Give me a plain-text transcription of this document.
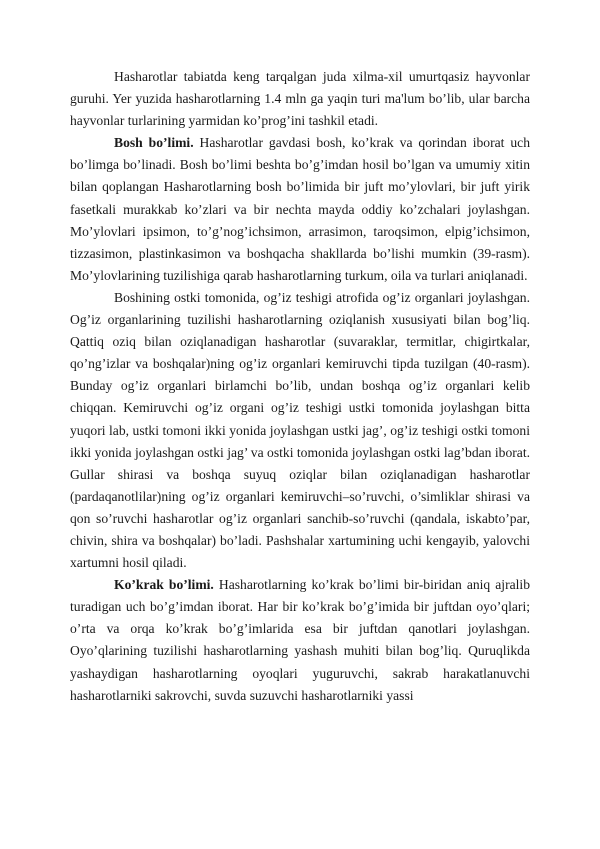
Hasharotlar tabiatda keng tarqalgan juda xilma-xil umurtqasiz hayvonlar guruhi. Yer yuzida hasharotlarning 1.4 mln ga yaqin turi ma'lum bo’lib, ular barcha hayvonlar turlarining yarmidan ko’prog’ini tashkil etadi.

Bosh bo’limi. Hasharotlar gavdasi bosh, ko’krak va qorindan iborat uch bo’limga bo’linadi. Bosh bo’limi beshta bo’g’imdan hosil bo’lgan va umumiy xitin bilan qoplangan Hasharotlarning bosh bo’limida bir juft mo’ylovlari, bir juft yirik fasetkali murakkab ko’zlari va bir nechta mayda oddiy ko’zchalari joylashgan. Mo’ylovlari ipsimon, to’g’nog’ichsimon, arrasimon, taroqsimon, elpig’ichsimon, tizzasimon, plastinkasimon va boshqacha shakllarda bo’lishi mumkin (39-rasm). Mo’ylovlarining tuzilishiga qarab hasharotlarning turkum, oila va turlari aniqlanadi.

Boshining ostki tomonida, og’iz teshigi atrofida og’iz organlari joylashgan. Og’iz organlarining tuzilishi hasharotlarning oziqlanish xususiyati bilan bog’liq. Qattiq oziq bilan oziqlanadigan hasharotlar (suvaraklar, termitlar, chigirtkalar, qo’ng’izlar va boshqalar)ning og’iz organlari kemiruvchi tipda tuzilgan (40-rasm). Bunday og’iz organlari birlamchi bo’lib, undan boshqa og’iz organlari kelib chiqqan. Kemiruvchi og’iz organi og’iz teshigi ustki tomonida joylashgan bitta yuqori lab, ustki tomoni ikki yonida joylashgan ustki jag’, og’iz teshigi ostki tomoni ikki yonida joylashgan ostki jag’ va ostki tomonida joylashgan ostki lag’bdan iborat. Gullar shirasi va boshqa suyuq oziqlar bilan oziqlanadigan hasharotlar (pardaqanotlilar)ning og’iz organlari kemiruvchi–so’ruvchi, o’simliklar shirasi va qon so’ruvchi hasharotlar og’iz organlari sanchib-so’ruvchi (qandala, iskabto’par, chivin, shira va boshqalar) bo’ladi. Pashshalar xartumining uchi kengayib, yalovchi xartumni hosil qiladi.

Ko’krak bo’limi. Hasharotlarning ko’krak bo’limi bir-biridan aniq ajralib turadigan uch bo’g’imdan iborat. Har bir ko’krak bo’g’imida bir juftdan oyo’qlari; o’rta va orqa ko’krak bo’g’imlarida esa bir juftdan qanotlari joylashgan. Oyo’qlarining tuzilishi hasharotlarning yashash muhiti bilan bog’liq. Quruqlikda yashaydigan hasharotlarning oyoqlari yuguruvchi, sakrab harakatlanuvchi hasharotlarniki sakrovchi, suvda suzuvchi hasharotlarniki yassi
